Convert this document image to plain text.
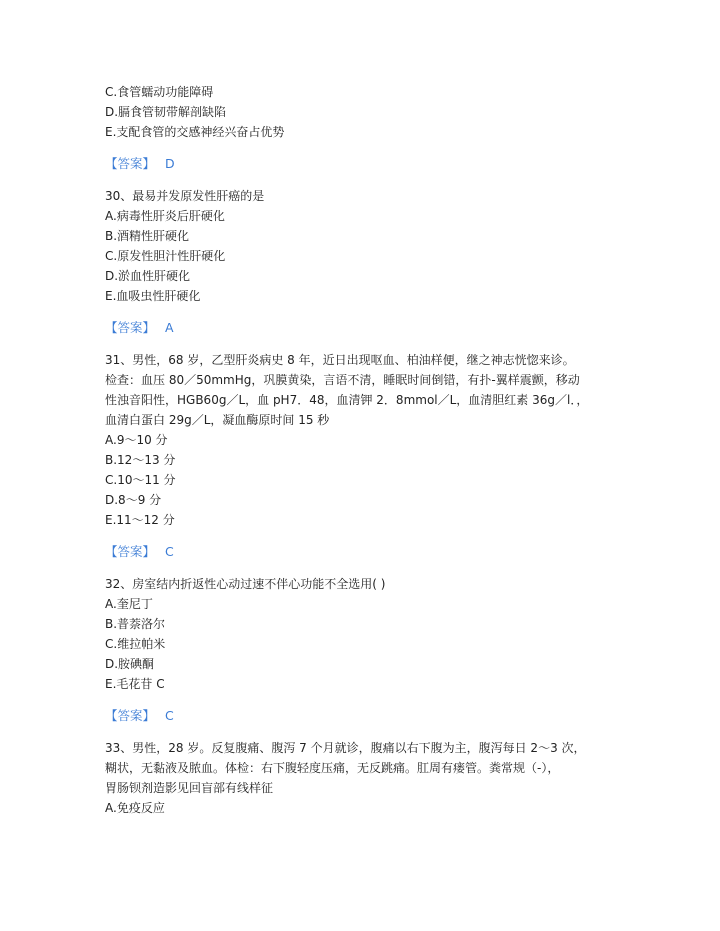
C.食管蠕动功能障碍
D.膈食管韧带解剖缺陷
E.支配食管的交感神经兴奋占优势
【答案】 D
30、最易并发原发性肝癌的是
A.病毒性肝炎后肝硬化
B.酒精性肝硬化
C.原发性胆汁性肝硬化
D.淤血性肝硬化
E.血吸虫性肝硬化
【答案】 A
31、男性，68 岁，乙型肝炎病史 8 年，近日出现呕血、柏油样便，继之神志恍惚来诊。
检查：血压 80／50mmHg，巩膜黄染，言语不清，睡眠时间倒错，有扑-翼样震颤，移动
性浊音阳性，HGB60g／L，血 pH7．48，血清钾 2．8mmol／L，血清胆红素 36g／l．，
血清白蛋白 29g／L，凝血酶原时间 15 秒
A.9～10 分
B.12～13 分
C.10～11 分
D.8～9 分
E.11～12 分
【答案】 C
32、房室结内折返性心动过速不伴心功能不全选用( )
A.奎尼丁
B.普萘洛尔
C.维拉帕米
D.胺碘酮
E.毛花苷 C
【答案】 C
33、男性，28 岁。反复腹痛、腹泻 7 个月就诊，腹痛以右下腹为主，腹泻每日 2～3 次，
糊状，无黏液及脓血。体检：右下腹轻度压痛，无反跳痛。肛周有瘘管。粪常规（-），
胃肠钡剂造影见回盲部有线样征
A.免疫反应
